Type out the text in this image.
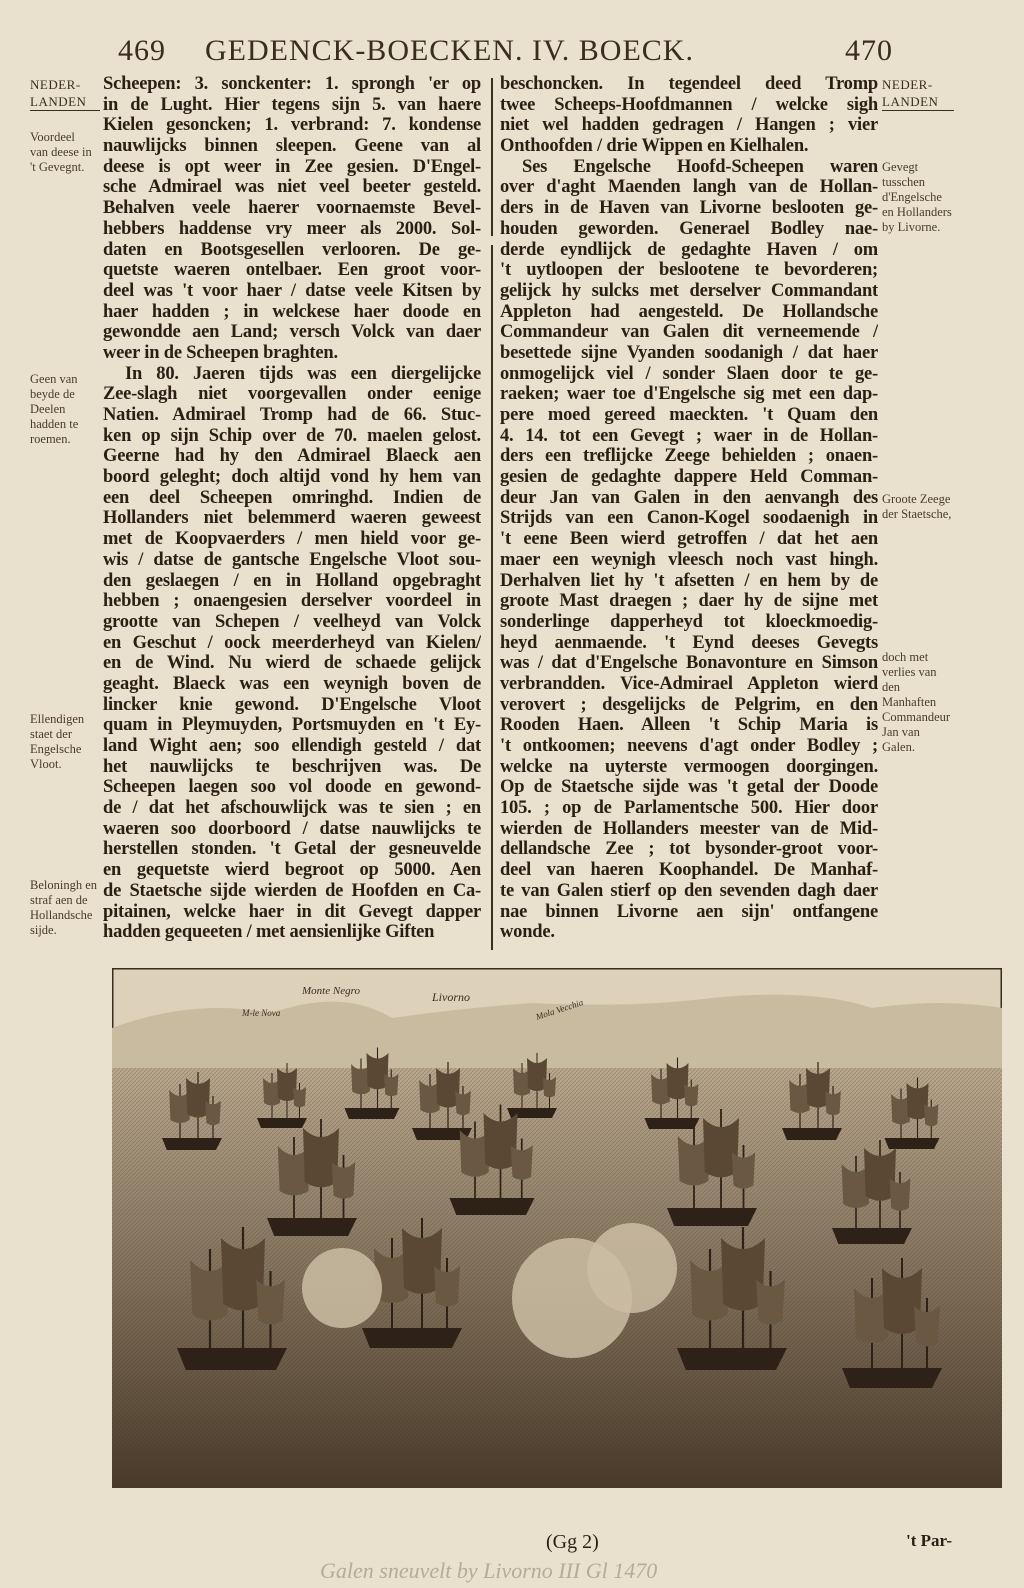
469 GEDENCK-BOECKEN. IV. BOECK.	470
NEDER-LANDEN
NEDER-LANDEN
Voordeel van deese in 't Gevegnt.
Geen van beyde de Deelen hadden te roemen.
Ellendigen staet der Engelsche Vloot.
Beloningh en straf aen de Hollandsche sijde.
Gevegt tusschen d'Engelsche en Hollanders by Livorne.
Groote Zeege der Staetsche,
doch met verlies van den Manhaften Commandeur Jan van Galen.
Scheepen: 3. sonckenter: 1. sprongh 'er op
in de Lught. Hier tegens sijn 5. van haere
Kielen gesoncken; 1. verbrand: 7. kondense
nauwlijcks binnen sleepen. Geene van al
deese is opt weer in Zee gesien. D'Engel-
sche Admirael was niet veel beeter gesteld.
Behalven veele haerer voornaemste Bevel-
hebbers haddense vry meer als 2000. Sol-
daten en Bootsgesellen verlooren. De ge-
quetste waeren ontelbaer. Een groot voor-
deel was 't voor haer / datse veele Kitsen by
haer hadden ; in welckese haer doode en
gewondde aen Land; versch Volck van daer
weer in de Scheepen braghten.
In 80. Jaeren tijds was een diergelijcke
Zee-slagh niet voorgevallen onder eenige
Natien. Admirael Tromp had de 66. Stuc-
ken op sijn Schip over de 70. maelen gelost.
Geerne had hy den Admirael Blaeck aen
boord geleght; doch altijd vond hy hem van
een deel Scheepen omringhd. Indien de
Hollanders niet belemmerd waeren geweest
met de Koopvaerders / men hield voor ge-
wis / datse de gantsche Engelsche Vloot sou-
den geslaegen / en in Holland opgebraght
hebben ; onaengesien derselver voordeel in
grootte van Schepen / veelheyd van Volck
en Geschut / oock meerderheyd van Kielen/
en de Wind. Nu wierd de schaede gelijck
geaght. Blaeck was een weynigh boven de
lincker knie gewond. D'Engelsche Vloot
quam in Pleymuyden, Portsmuyden en 't Ey-
land Wight aen; soo ellendigh gesteld / dat
het nauwlijcks te beschrijven was. De
Scheepen laegen soo vol doode en gewond-
de / dat het afschouwlijck was te sien ; en
waeren soo doorboord / datse nauwlijcks te
herstellen stonden. 't Getal der gesneuvelde
en gequetste wierd begroot op 5000. Aen
de Staetsche sijde wierden de Hoofden en Ca-
pitainen, welcke haer in dit Gevegt dapper
hadden gequeeten / met aensienlijke Giften
beschoncken. In tegendeel deed Tromp
twee Scheeps-Hoofdmannen / welcke sigh
niet wel hadden gedragen / Hangen ; vier
Onthoofden / drie Wippen en Kielhalen.
Ses Engelsche Hoofd-Scheepen waren
over d'aght Maenden langh van de Hollan-
ders in de Haven van Livorne beslooten ge-
houden geworden. Generael Bodley nae-
derde eyndlijck de gedaghte Haven / om
't uytloopen der beslootene te bevorderen;
gelijck hy sulcks met derselver Commandant
Appleton had aengesteld. De Hollandsche
Commandeur van Galen dit verneemende /
besettede sijne Vyanden soodanigh / dat haer
onmogelijck viel / sonder Slaen door te ge-
raeken; waer toe d'Engelsche sig met een dap-
pere moed gereed maeckten. 't Quam den
4. 14. tot een Gevegt ; waer in de Hollan-
ders een treflijcke Zeege behielden ; onaen-
gesien de gedaghte dappere Held Comman-
deur Jan van Galen in den aenvangh des
Strijds van een Canon-Kogel soodaenigh in
't eene Been wierd getroffen / dat het aen
maer een weynigh vleesch noch vast hingh.
Derhalven liet hy 't afsetten / en hem by de
groote Mast draegen ; daer hy de sijne met
sonderlinge dapperheyd tot kloeckmoedig-
heyd aenmaende. 't Eynd deeses Gevegts
was / dat d'Engelsche Bonavonture en Simson
verbrandden. Vice-Admirael Appleton wierd
verovert ; desgelijcks de Pelgrim, en den
Rooden Haen. Alleen 't Schip Maria is
't ontkoomen; neevens d'agt onder Bodley ;
welcke na uyterste vermoogen doorgingen.
Op de Staetsche sijde was 't getal der Doode
105. ; op de Parlamentsche 500. Hier door
wierden de Hollanders meester van de Mid-
dellandsche Zee ; tot bysonder-groot voor-
deel van haeren Koophandel. De Manhaf-
te van Galen stierf op den sevenden dagh daer
nae binnen Livorne aen sijn' ontfangene
wonde.
Monte Negro	Livorno
M-le Nova	Mola Vecchia
(Gg 2)	't Par-
Galen sneuvelt by Livorno III Gl 1470
